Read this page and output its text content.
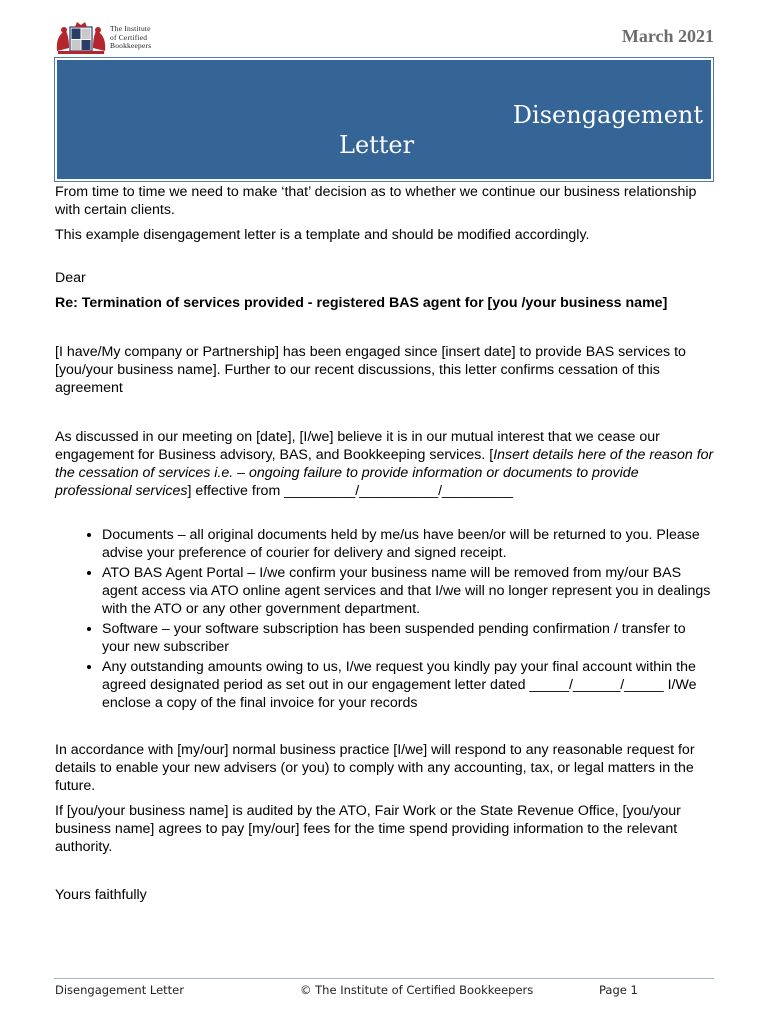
The Institute
of Certified
Bookkeepers	March 2021
Disengagement
Letter

From time to time we need to make ‘that’ decision as to whether we continue our business relationship with certain clients.

This example disengagement letter is a template and should be modified accordingly.

Dear

Re: Termination of services provided - registered BAS agent for [you /your business name]

[I have/My company or Partnership] has been engaged since [insert date] to provide BAS services to [you/your business name]. Further to our recent discussions, this letter confirms cessation of this agreement

As discussed in our meeting on [date], [I/we] believe it is in our mutual interest that we cease our engagement for Business advisory, BAS, and Bookkeeping services. [Insert details here of the reason for the cessation of services i.e. – ongoing failure to provide information or documents to provide professional services] effective from _________/__________/_________

• Documents – all original documents held by me/us have been/or will be returned to you. Please advise your preference of courier for delivery and signed receipt.
• ATO BAS Agent Portal – I/we confirm your business name will be removed from my/our BAS agent access via ATO online agent services and that I/we will no longer represent you in dealings with the ATO or any other government department.
• Software – your software subscription has been suspended pending confirmation / transfer to your new subscriber
• Any outstanding amounts owing to us, I/we request you kindly pay your final account within the agreed designated period as set out in our engagement letter dated _____/______/_____ I/We enclose a copy of the final invoice for your records

In accordance with [my/our] normal business practice [I/we] will respond to any reasonable request for details to enable your new advisers (or you) to comply with any accounting, tax, or legal matters in the future.

If [you/your business name] is audited by the ATO, Fair Work or the State Revenue Office, [you/your business name] agrees to pay [my/our] fees for the time spend providing information to the relevant authority.

Yours faithfully

Disengagement Letter	© The Institute of Certified Bookkeepers	Page 1
